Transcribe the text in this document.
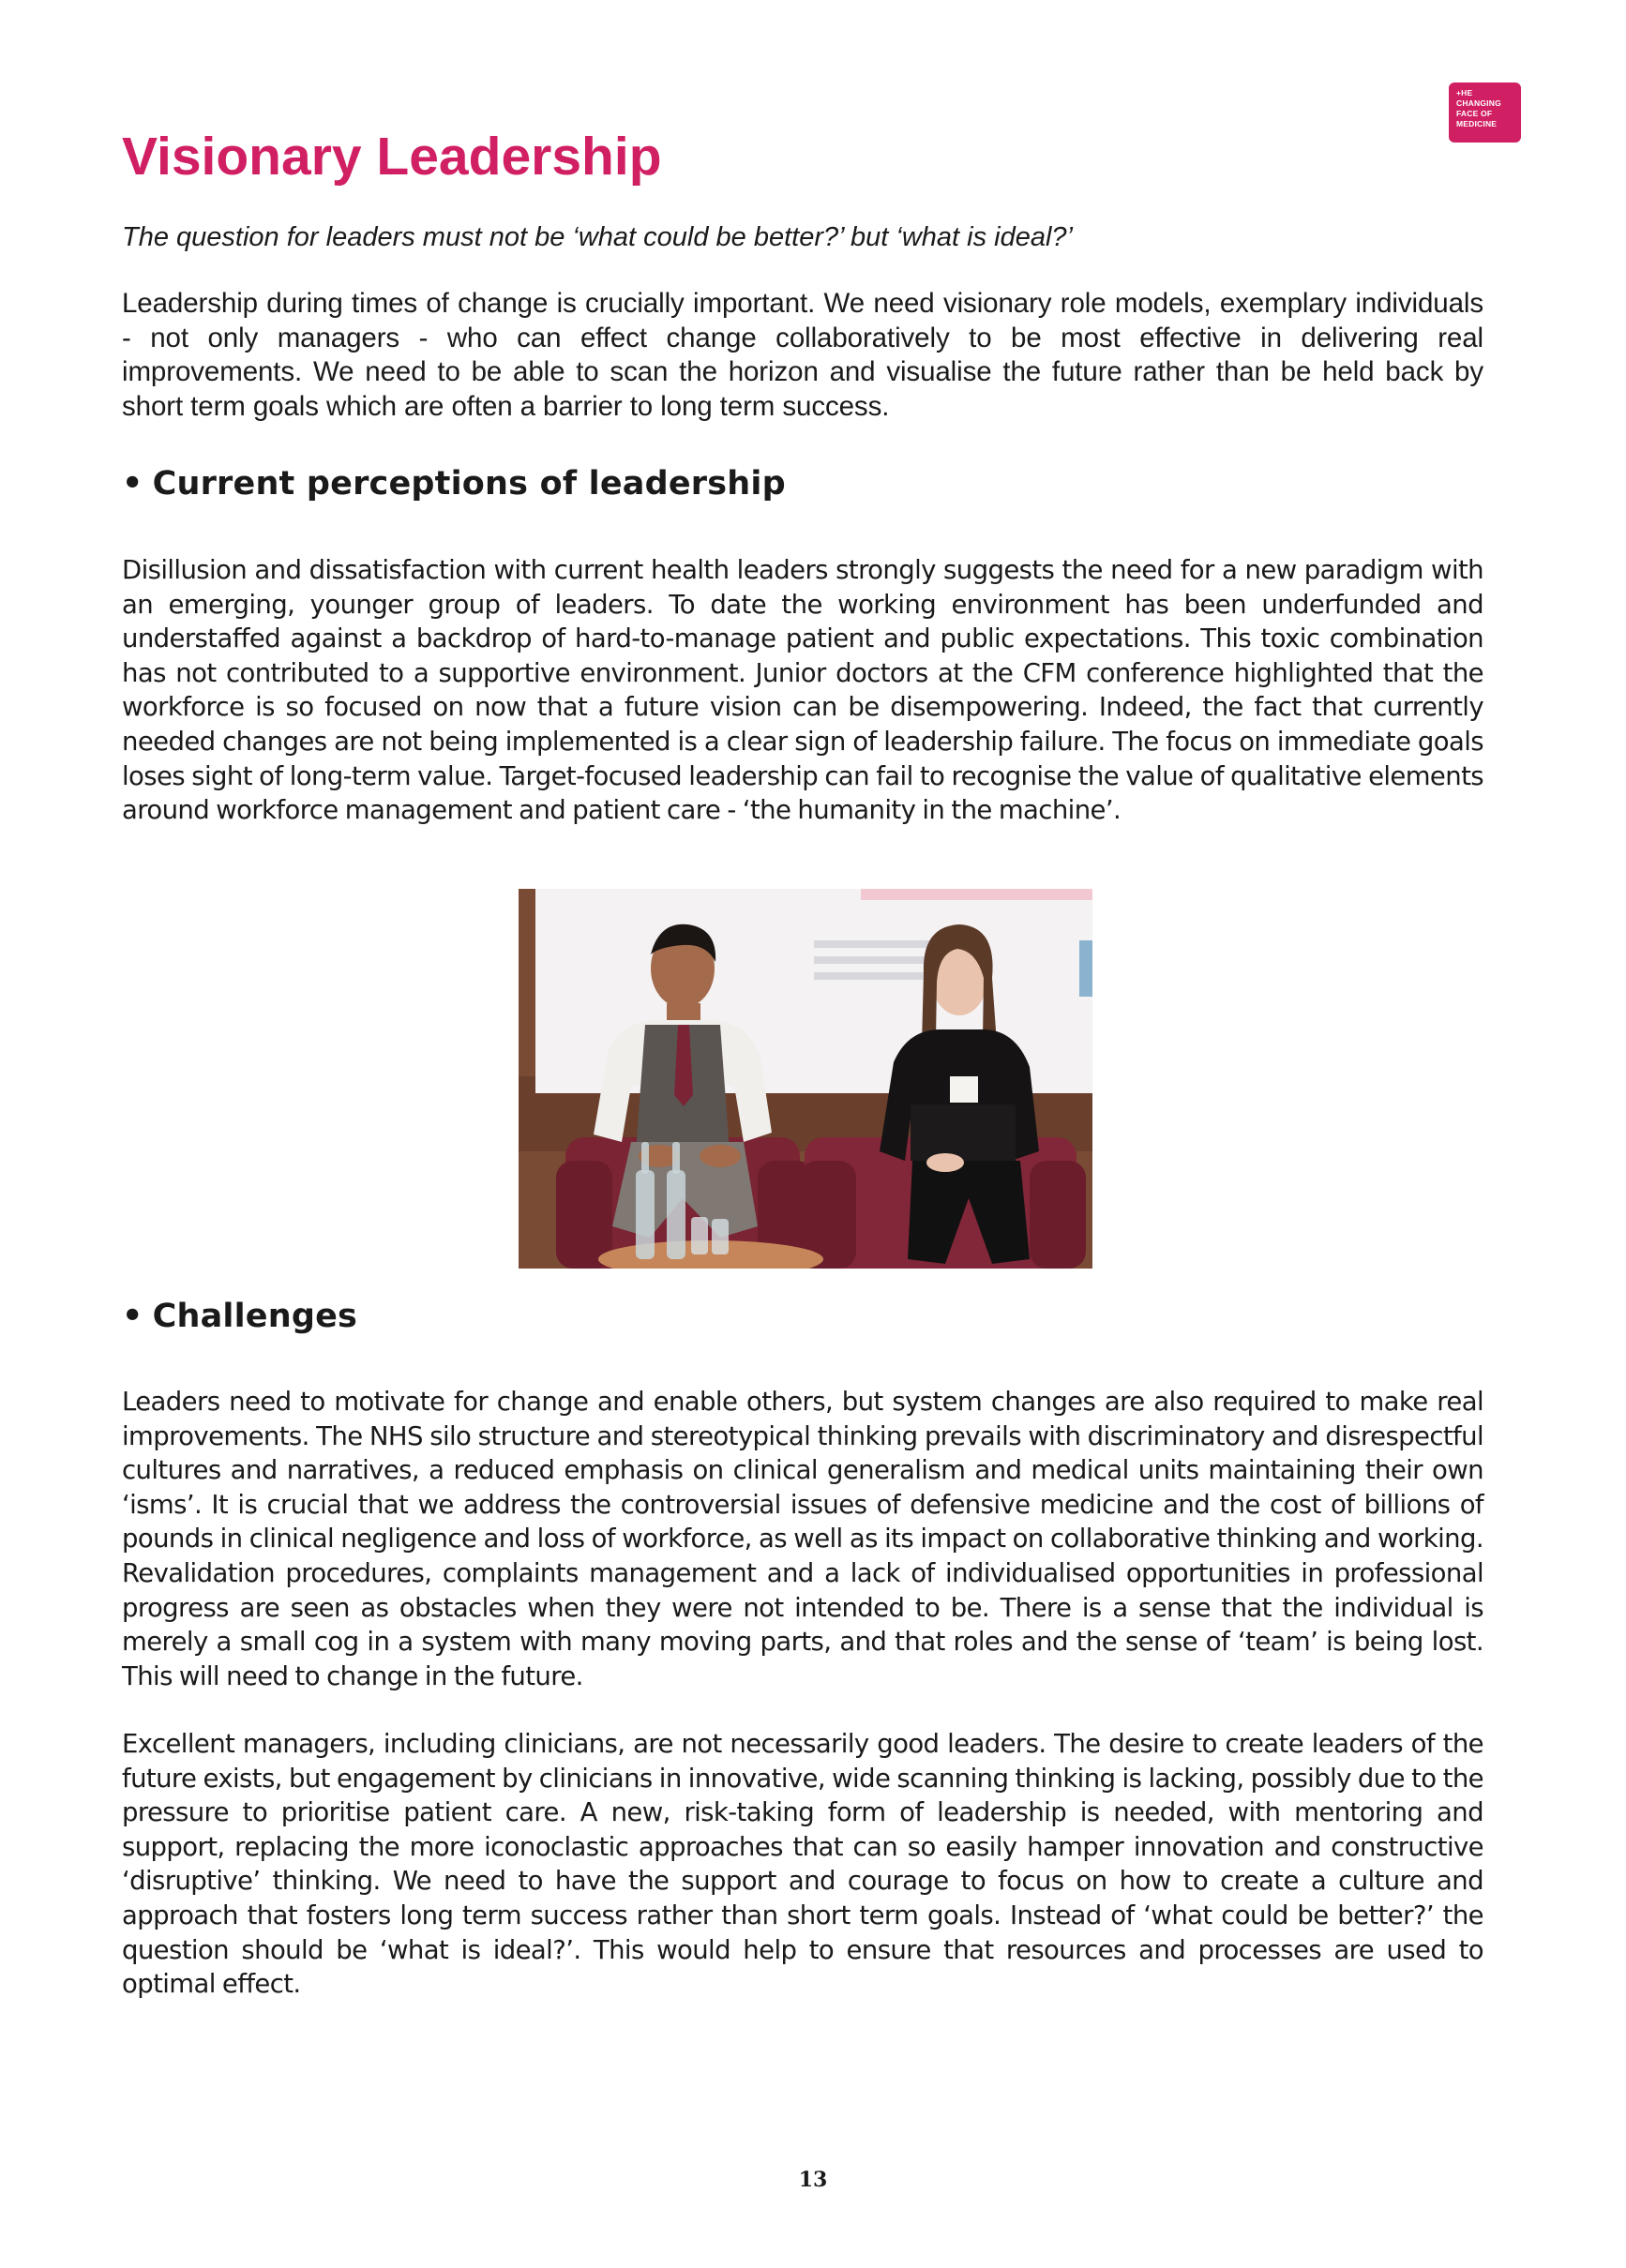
+HE
CHANGING
FACE OF
MEDICINE
Visionary Leadership

The question for leaders must not be ‘what could be better?’ but ‘what is ideal?’

Leadership during times of change is crucially important. We need visionary role models, exemplary individuals - not only managers - who can effect change collaboratively to be most effective in delivering real improvements. We need to be able to scan the horizon and visualise the future rather than be held back by short term goals which are often a barrier to long term success.

• Current perceptions of leadership

Disillusion and dissatisfaction with current health leaders strongly suggests the need for a new paradigm with an emerging, younger group of leaders. To date the working environment has been underfunded and understaffed against a backdrop of hard-to-manage patient and public expectations. This toxic combination has not contributed to a supportive environment. Junior doctors at the CFM conference highlighted that the workforce is so focused on now that a future vision can be disempowering. Indeed, the fact that currently needed changes are not being implemented is a clear sign of leadership failure. The focus on immediate goals loses sight of long-term value. Target-focused leadership can fail to recognise the value of qualitative elements around workforce management and patient care - ‘the humanity in the machine’.

• Challenges

Leaders need to motivate for change and enable others, but system changes are also required to make real improvements. The NHS silo structure and stereotypical thinking prevails with discriminatory and disrespectful cultures and narratives, a reduced emphasis on clinical generalism and medical units maintaining their own ‘isms’. It is crucial that we address the controversial issues of defensive medicine and the cost of billions of pounds in clinical negligence and loss of workforce, as well as its impact on collaborative thinking and working. Revalidation procedures, complaints management and a lack of individualised opportunities in professional progress are seen as obstacles when they were not intended to be. There is a sense that the individual is merely a small cog in a system with many moving parts, and that roles and the sense of ‘team’ is being lost. This will need to change in the future.

Excellent managers, including clinicians, are not necessarily good leaders. The desire to create leaders of the future exists, but engagement by clinicians in innovative, wide scanning thinking is lacking, possibly due to the pressure to prioritise patient care. A new, risk-taking form of leadership is needed, with mentoring and support, replacing the more iconoclastic approaches that can so easily hamper innovation and constructive ‘disruptive’ thinking. We need to have the support and courage to focus on how to create a culture and approach that fosters long term success rather than short term goals. Instead of ‘what could be better?’ the question should be ‘what is ideal?’. This would help to ensure that resources and processes are used to optimal effect.

13
